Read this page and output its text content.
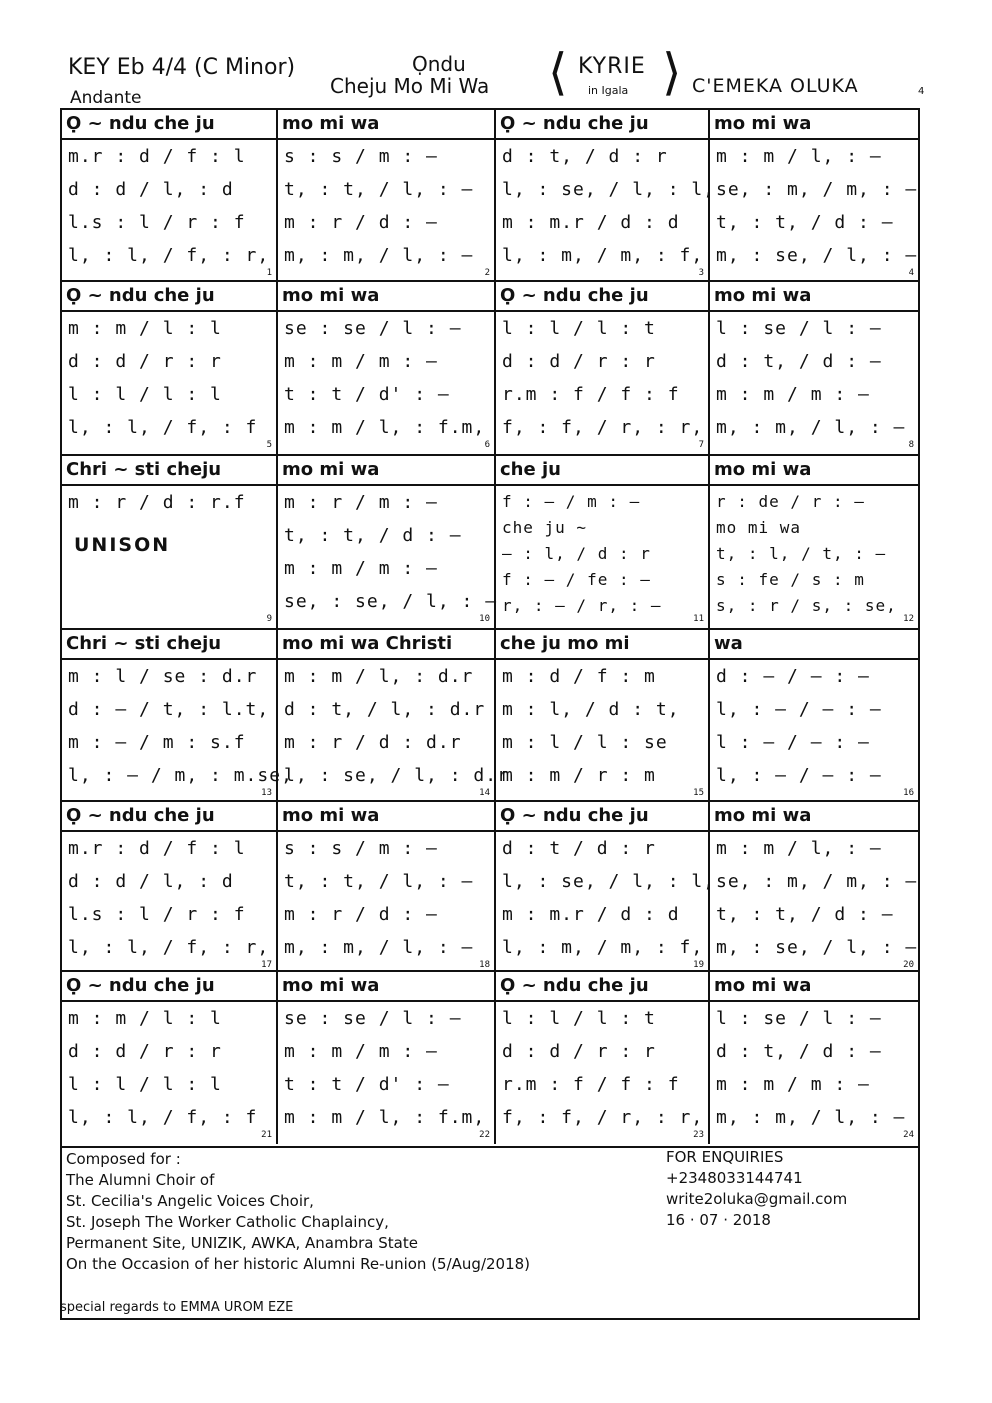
KEY Eb 4/4 (C Minor)
Andante
Ọndu
Cheju Mo Mi Wa ⟨ KYRIE
in Igala ⟩ C'EMEKA OLUKA	4
1
Ọ ~ ndu che ju
m.r : d / f : l
d : d / l, : d
l.s : l / r : f
l, : l, / f, : r,
2
mo mi wa
s : s / m : —
t, : t, / l, : —
m : r / d : —
m, : m, / l, : —
3
Ọ ~ ndu che ju
d : t, / d : r
l, : se, / l, : l,
m : m.r / d : d
l, : m, / m, : f,
4
mo mi wa
m : m / l, : —
se, : m, / m, : —
t, : t, / d : —
m, : se, / l, : —
5
Ọ ~ ndu che ju
m : m / l : l
d : d / r : r
l : l / l : l
l, : l, / f, : f
6
mo mi wa
se : se / l : —
m : m / m : —
t : t / d' : —
m : m / l, : f.m,
7
Ọ ~ ndu che ju
l : l / l : t
d : d / r : r
r.m : f / f : f
f, : f, / r, : r,
8
mo mi wa
l : se / l : —
d : t, / d : —
m : m / m : —
m, : m, / l, : —
9
Chri ~ sti cheju
m : r / d : r.f
UNISON
10
mo mi wa
m : r / m : —
t, : t, / d : —
m : m / m : —
se, : se, / l, : —
11
che ju
f : — / m : —
che ju ~
— : l, / d : r
f : — / fe : —
r, : — / r, : —
12
mo mi wa
r : de / r : —
mo mi wa
t, : l, / t, : —
s : fe / s : m
s, : r / s, : se,
13
Chri ~ sti cheju
m : l / se : d.r
d : — / t, : l.t,
m : — / m : s.f
l, : — / m, : m.se,
14
mo mi wa Christi
m : m / l, : d.r
d : t, / l, : d.r
m : r / d : d.r
l, : se, / l, : d.r
15
che ju mo mi
m : d / f : m
m : l, / d : t,
m : l / l : se
m : m / r : m
16
wa
d : — / — : —
l, : — / — : —
l : — / — : —
l, : — / — : —
17
Ọ ~ ndu che ju
m.r : d / f : l
d : d / l, : d
l.s : l / r : f
l, : l, / f, : r,
18
mo mi wa
s : s / m : —
t, : t, / l, : —
m : r / d : —
m, : m, / l, : —
19
Ọ ~ ndu che ju
d : t / d : r
l, : se, / l, : l,
m : m.r / d : d
l, : m, / m, : f,
20
mo mi wa
m : m / l, : —
se, : m, / m, : —
t, : t, / d : —
m, : se, / l, : —
21
Ọ ~ ndu che ju
m : m / l : l
d : d / r : r
l : l / l : l
l, : l, / f, : f
22
mo mi wa
se : se / l : —
m : m / m : —
t : t / d' : —
m : m / l, : f.m,
23
Ọ ~ ndu che ju
l : l / l : t
d : d / r : r
r.m : f / f : f
f, : f, / r, : r,
24
mo mi wa
l : se / l : —
d : t, / d : —
m : m / m : —
m, : m, / l, : —
Composed for :
The Alumni Choir of
St. Cecilia's Angelic Voices Choir,
St. Joseph The Worker Catholic Chaplaincy,
Permanent Site, UNIZIK, AWKA, Anambra State
On the Occasion of her historic Alumni Re-union (5/Aug/2018)
FOR ENQUIRIES
+2348033144741
write2oluka@gmail.com
16 · 07 · 2018
special regards to EMMA UROM EZE
